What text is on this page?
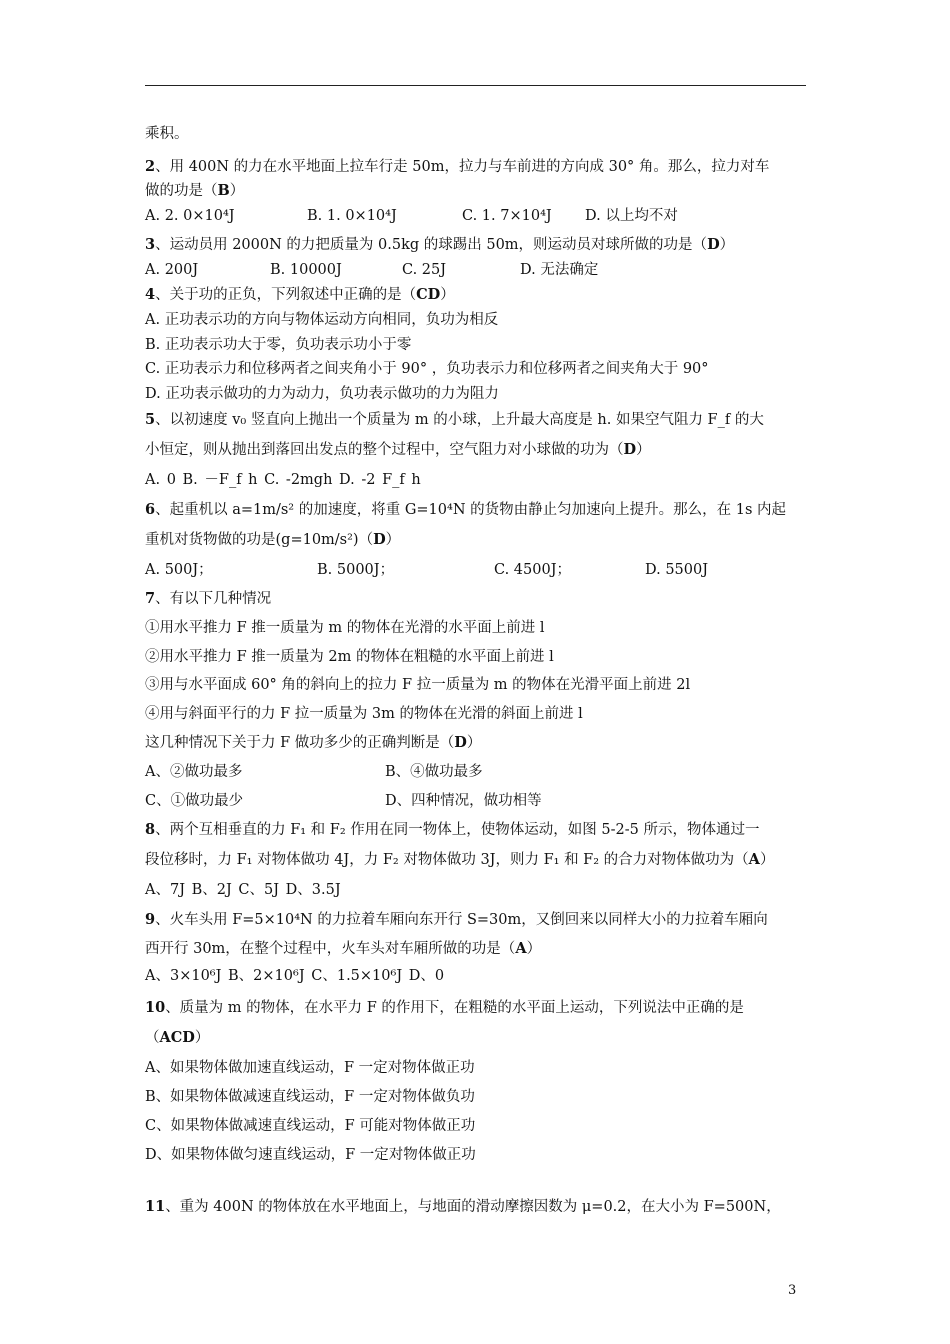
乘积。
2、用 400N 的力在水平地面上拉车行走 50m，拉力与车前进的方向成 30° 角。那么，拉力对车
做的功是（B）
A. 2. 0×10⁴J	B. 1. 0×10⁴J	C. 1. 7×10⁴J D. 以上均不对
3、运动员用 2000N 的力把质量为 0.5kg 的球踢出 50m，则运动员对球所做的功是（D）
A. 200J	B. 10000J	C. 25J	D. 无法确定
4、关于功的正负，下列叙述中正确的是（CD）
A. 正功表示功的方向与物体运动方向相同，负功为相反
B. 正功表示功大于零，负功表示功小于零
C. 正功表示力和位移两者之间夹角小于 90° ，负功表示力和位移两者之间夹角大于 90°
D. 正功表示做功的力为动力，负功表示做功的力为阻力
5、以初速度 v₀ 竖直向上抛出一个质量为 m 的小球，上升最大高度是 h. 如果空气阻力 F_f 的大
小恒定，则从抛出到落回出发点的整个过程中，空气阻力对小球做的功为（D）
A. 0 B. －F_f h C. -2mgh D. -2 F_f h
6、起重机以 a=1m/s² 的加速度，将重 G=10⁴N 的货物由静止匀加速向上提升。那么，在 1s 内起
重机对货物做的功是(g=10m/s²)（D）
A. 500J；	B. 5000J；	C. 4500J；	D. 5500J
7、有以下几种情况
①用水平推力 F 推一质量为 m 的物体在光滑的水平面上前进 l
②用水平推力 F 推一质量为 2m 的物体在粗糙的水平面上前进 l
③用与水平面成 60° 角的斜向上的拉力 F 拉一质量为 m 的物体在光滑平面上前进 2l
④用与斜面平行的力 F 拉一质量为 3m 的物体在光滑的斜面上前进 l
这几种情况下关于力 F 做功多少的正确判断是（D）
A、②做功最多	B、④做功最多
C、①做功最少	D、四种情况，做功相等
8、两个互相垂直的力 F₁ 和 F₂ 作用在同一物体上，使物体运动，如图 5-2-5 所示，物体通过一
段位移时，力 F₁ 对物体做功 4J，力 F₂ 对物体做功 3J，则力 F₁ 和 F₂ 的合力对物体做功为（A）
A、7J B、2J C、5J D、3.5J
9、火车头用 F=5×10⁴N 的力拉着车厢向东开行 S=30m，又倒回来以同样大小的力拉着车厢向
西开行 30m，在整个过程中，火车头对车厢所做的功是（A）
A、3×10⁶J B、2×10⁶J C、1.5×10⁶J D、0
10、质量为 m 的物体，在水平力 F 的作用下，在粗糙的水平面上运动，下列说法中正确的是
（ACD）
A、如果物体做加速直线运动，F 一定对物体做正功
B、如果物体做减速直线运动，F 一定对物体做负功
C、如果物体做减速直线运动，F 可能对物体做正功
D、如果物体做匀速直线运动，F 一定对物体做正功
11、重为 400N 的物体放在水平地面上，与地面的滑动摩擦因数为 μ=0.2，在大小为 F=500N，
3
